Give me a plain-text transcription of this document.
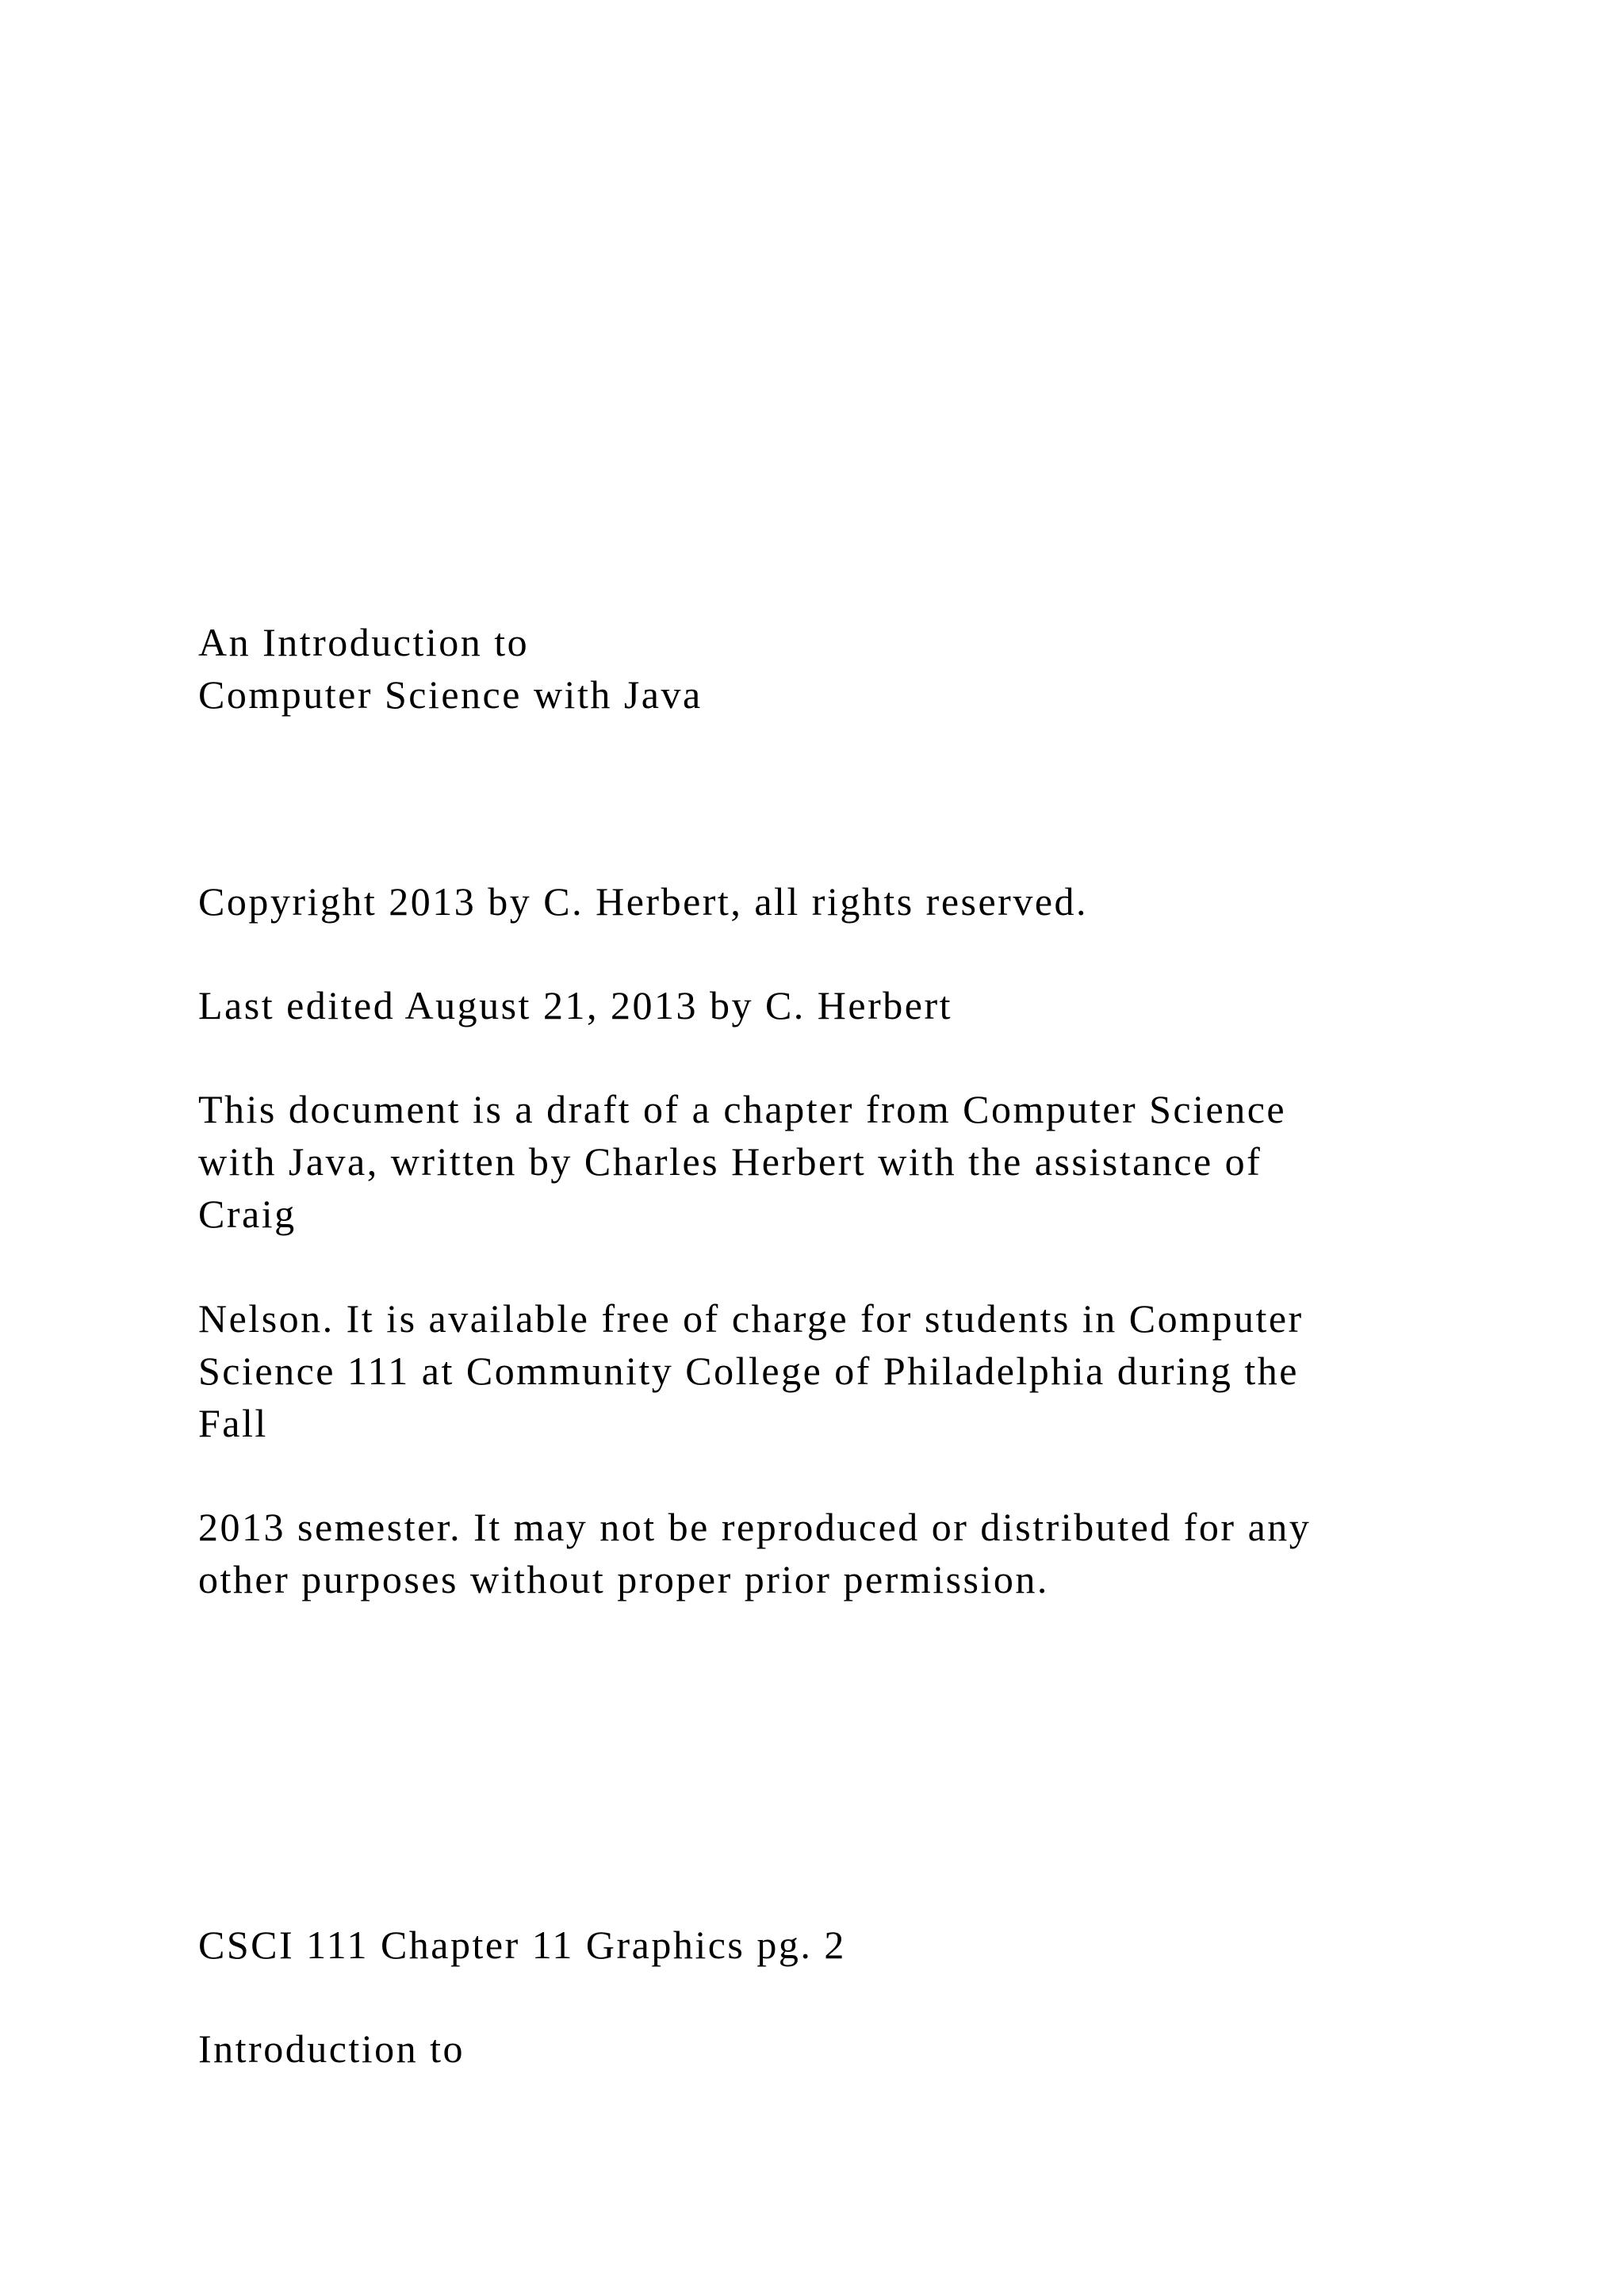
An Introduction to
Computer Science with Java
Copyright 2013 by C. Herbert, all rights reserved.
Last edited August 21, 2013 by C. Herbert
This document is a draft of a chapter from Computer Science
with Java, written by Charles Herbert with the assistance of
Craig
Nelson. It is available free of charge for students in Computer
Science 111 at Community College of Philadelphia during the
Fall
2013 semester. It may not be reproduced or distributed for any
other purposes without proper prior permission.
CSCI 111 Chapter 11 Graphics pg. 2
Introduction to
